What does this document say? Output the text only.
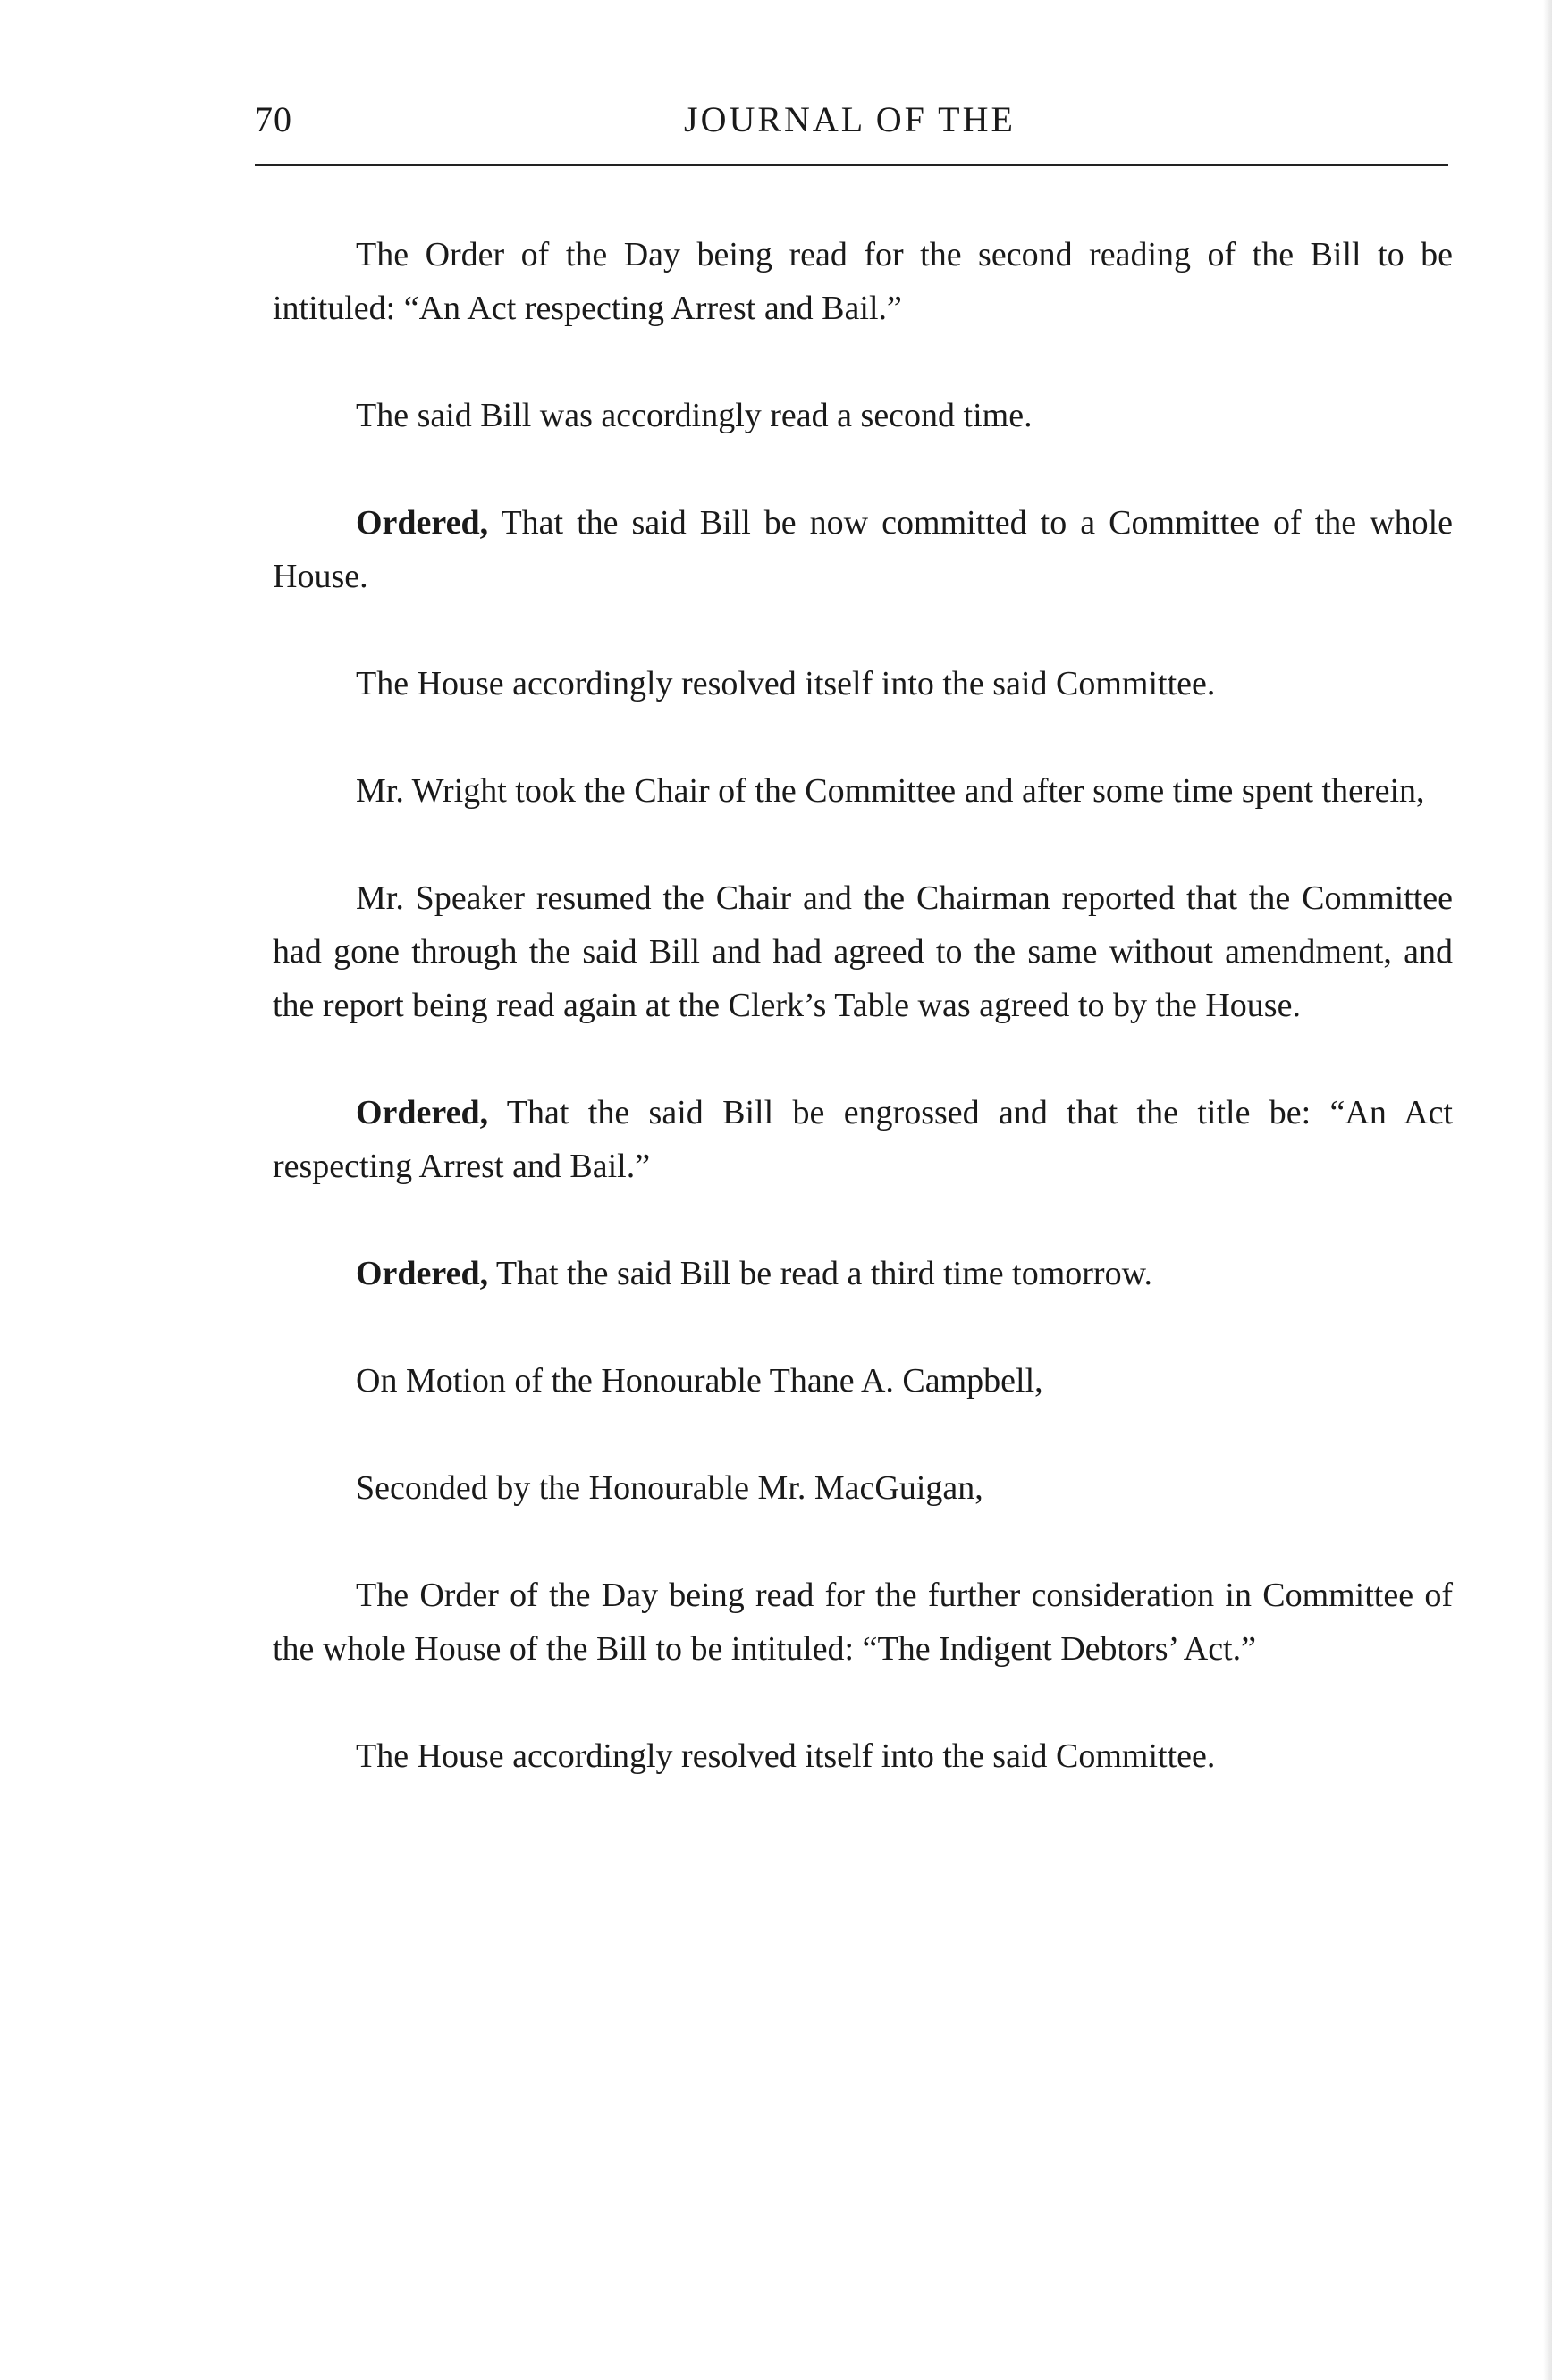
70	JOURNAL OF THE

The Order of the Day being read for the second reading of the Bill to be intituled: “An Act respecting Arrest and Bail.”

The said Bill was accordingly read a second time.

Ordered, That the said Bill be now committed to a Committee of the whole House.

The House accordingly resolved itself into the said Committee.

Mr. Wright took the Chair of the Committee and after some time spent therein,

Mr. Speaker resumed the Chair and the Chairman reported that the Committee had gone through the said Bill and had agreed to the same without amendment, and the report being read again at the Clerk’s Table was agreed to by the House.

Ordered, That the said Bill be engrossed and that the title be: “An Act respecting Arrest and Bail.”

Ordered, That the said Bill be read a third time tomorrow.

On Motion of the Honourable Thane A. Campbell,

Seconded by the Honourable Mr. MacGuigan,

The Order of the Day being read for the further consideration in Committee of the whole House of the Bill to be intituled: “The Indigent Debtors’ Act.”

The House accordingly resolved itself into the said Committee.
